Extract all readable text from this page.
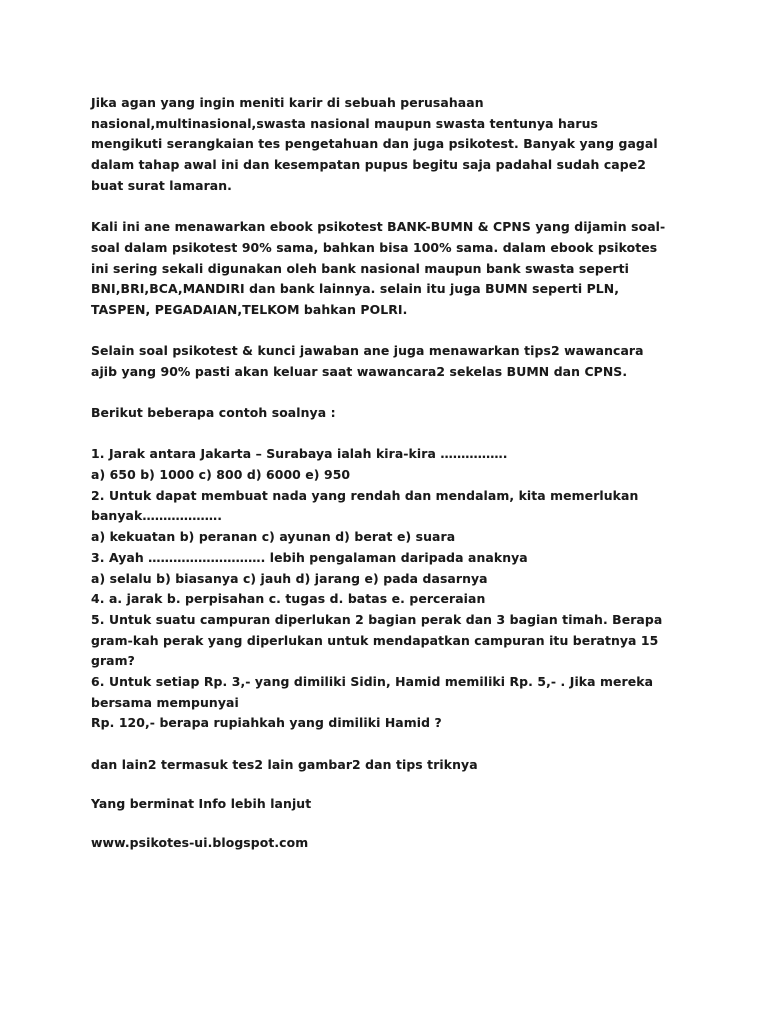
Jika agan yang ingin meniti karir di sebuah perusahaan
nasional,multinasional,swasta nasional maupun swasta tentunya harus
mengikuti serangkaian tes pengetahuan dan juga psikotest. Banyak yang gagal
dalam tahap awal ini dan kesempatan pupus begitu saja padahal sudah cape2
buat surat lamaran.
Kali ini ane menawarkan ebook psikotest BANK-BUMN & CPNS yang dijamin soal-
soal dalam psikotest 90% sama, bahkan bisa 100% sama. dalam ebook psikotes
ini sering sekali digunakan oleh bank nasional maupun bank swasta seperti
BNI,BRI,BCA,MANDIRI dan bank lainnya. selain itu juga BUMN seperti PLN,
TASPEN, PEGADAIAN,TELKOM bahkan POLRI.
Selain soal psikotest & kunci jawaban ane juga menawarkan tips2 wawancara
ajib yang 90% pasti akan keluar saat wawancara2 sekelas BUMN dan CPNS.
Berikut beberapa contoh soalnya :
1. Jarak antara Jakarta – Surabaya ialah kira-kira …………….
a) 650 b) 1000 c) 800 d) 6000 e) 950
2. Untuk dapat membuat nada yang rendah dan mendalam, kita memerlukan
banyak……………….
a) kekuatan b) peranan c) ayunan d) berat e) suara
3. Ayah ………………………. lebih pengalaman daripada anaknya
a) selalu b) biasanya c) jauh d) jarang e) pada dasarnya
4. a. jarak b. perpisahan c. tugas d. batas e. perceraian
5. Untuk suatu campuran diperlukan 2 bagian perak dan 3 bagian timah. Berapa
gram-kah perak yang diperlukan untuk mendapatkan campuran itu beratnya 15
gram?
6. Untuk setiap Rp. 3,- yang dimiliki Sidin, Hamid memiliki Rp. 5,- . Jika mereka
bersama mempunyai
Rp. 120,- berapa rupiahkah yang dimiliki Hamid ?
dan lain2 termasuk tes2 lain gambar2 dan tips triknya
Yang berminat Info lebih lanjut
www.psikotes-ui.blogspot.com
